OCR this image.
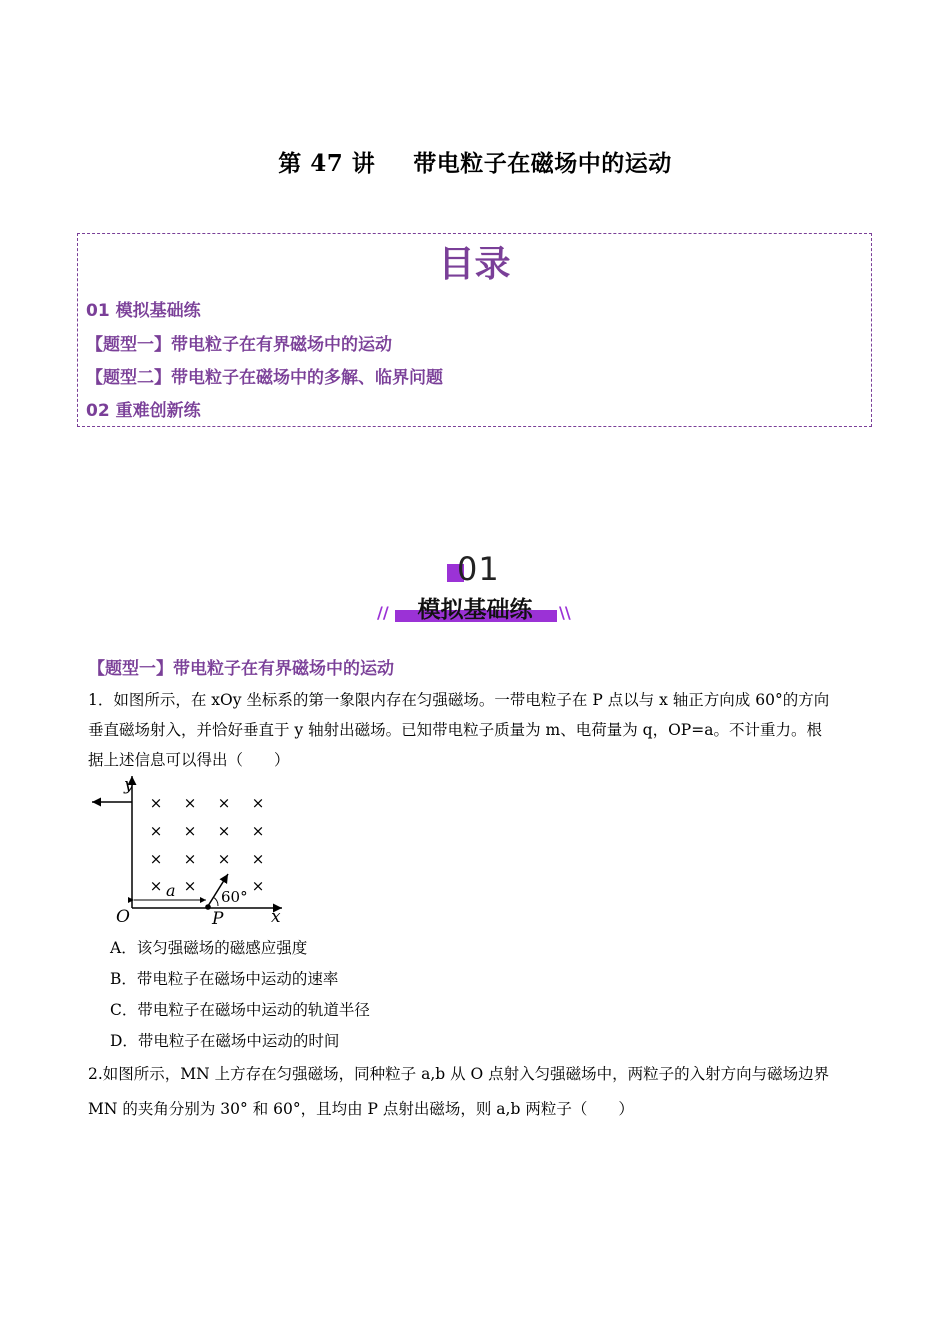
第 47 讲 带电粒子在磁场中的运动
目录
01 模拟基础练
【题型一】带电粒子在有界磁场中的运动
【题型二】带电粒子在磁场中的多解、临界问题
02 重难创新练
01
//	模拟基础练	\\
【题型一】带电粒子在有界磁场中的运动
1．如图所示，在 xOy 坐标系的第一象限内存在匀强磁场。一带电粒子在 P 点以与 x 轴正方向成 60°的方向
垂直磁场射入，并恰好垂直于 y 轴射出磁场。已知带电粒子质量为 m、电荷量为 q，OP=a。不计重力。根
据上述信息可以得出（　　）
× × × ×
× × × ×
× × × ×
× ×	×
y
x
O
a
P
60°
A．该匀强磁场的磁感应强度
B．带电粒子在磁场中运动的速率
C．带电粒子在磁场中运动的轨道半径
D．带电粒子在磁场中运动的时间
2.如图所示，MN 上方存在匀强磁场，同种粒子 a,b 从 O 点射入匀强磁场中，两粒子的入射方向与磁场边界
MN 的夹角分别为 30° 和 60°，且均由 P 点射出磁场，则 a,b 两粒子（　　）
